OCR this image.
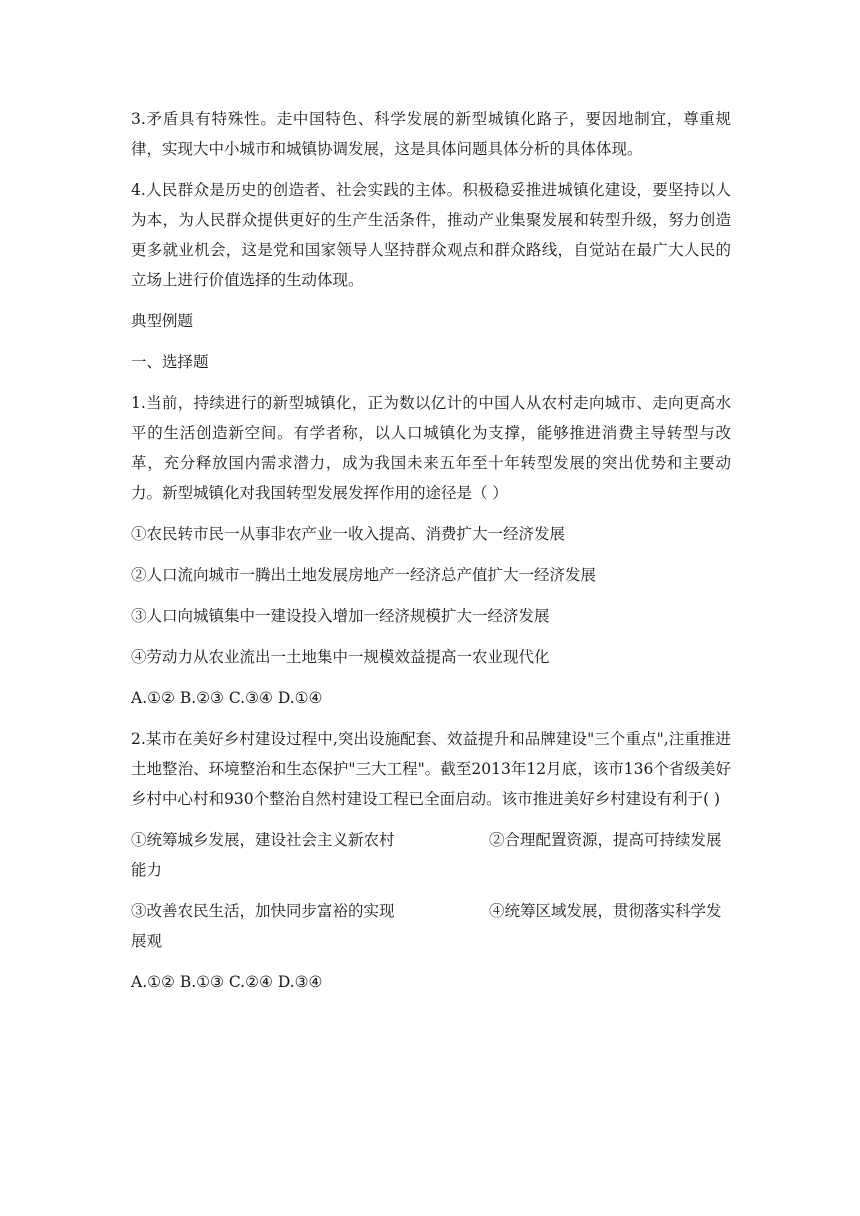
3.矛盾具有特殊性。走中国特色、科学发展的新型城镇化路子，要因地制宜，尊重规律，实现大中小城市和城镇协调发展，这是具体问题具体分析的具体体现。

4.人民群众是历史的创造者、社会实践的主体。积极稳妥推进城镇化建设，要坚持以人为本，为人民群众提供更好的生产生活条件，推动产业集聚发展和转型升级，努力创造更多就业机会，这是党和国家领导人坚持群众观点和群众路线，自觉站在最广大人民的立场上进行价值选择的生动体现。

典型例题

一、选择题

1.当前，持续进行的新型城镇化，正为数以亿计的中国人从农村走向城市、走向更高水平的生活创造新空间。有学者称，以人口城镇化为支撑，能够推进消费主导转型与改革，充分释放国内需求潜力，成为我国未来五年至十年转型发展的突出优势和主要动力。新型城镇化对我国转型发展发挥作用的途径是（ ）

①农民转市民一从事非农产业一收入提高、消费扩大一经济发展

②人口流向城市一腾出土地发展房地产一经济总产值扩大一经济发展

③人口向城镇集中一建设投入增加一经济规模扩大一经济发展

④劳动力从农业流出一土地集中一规模效益提高一农业现代化

A.①② B.②③ C.③④ D.①④

2.某市在美好乡村建设过程中,突出设施配套、效益提升和品牌建设"三个重点",注重推进土地整治、环境整治和生态保护"三大工程"。截至2013年12月底，该市136个省级美好乡村中心村和930个整治自然村建设工程已全面启动。该市推进美好乡村建设有利于( )

①统筹城乡发展，建设社会主义新农村	②合理配置资源，提高可持续发展能力

③改善农民生活，加快同步富裕的实现	④统筹区域发展，贯彻落实科学发展观

A.①② B.①③ C.②④ D.③④
